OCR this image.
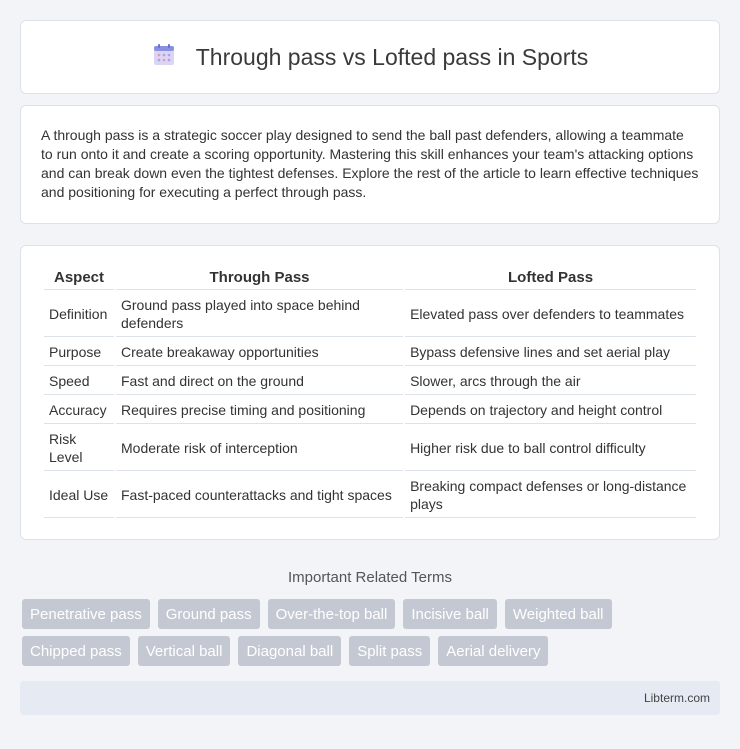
Through pass vs Lofted pass in Sports

A through pass is a strategic soccer play designed to send the ball past defenders, allowing a teammate to run onto it and create a scoring opportunity. Mastering this skill enhances your team's attacking options and can break down even the tightest defenses. Explore the rest of the article to learn effective techniques and positioning for executing a perfect through pass.

Aspect	Through Pass	Lofted Pass
Definition	Ground pass played into space behind defenders	Elevated pass over defenders to teammates
Purpose	Create breakaway opportunities	Bypass defensive lines and set aerial play
Speed	Fast and direct on the ground	Slower, arcs through the air
Accuracy	Requires precise timing and positioning	Depends on trajectory and height control
Risk Level	Moderate risk of interception	Higher risk due to ball control difficulty
Ideal Use	Fast-paced counterattacks and tight spaces	Breaking compact defenses or long-distance plays
Important Related Terms
Penetrative pass	Ground pass	Over-the-top ball	Incisive ball	Weighted ball
Chipped pass	Vertical ball	Diagonal ball	Split pass	Aerial delivery
Libterm.com
